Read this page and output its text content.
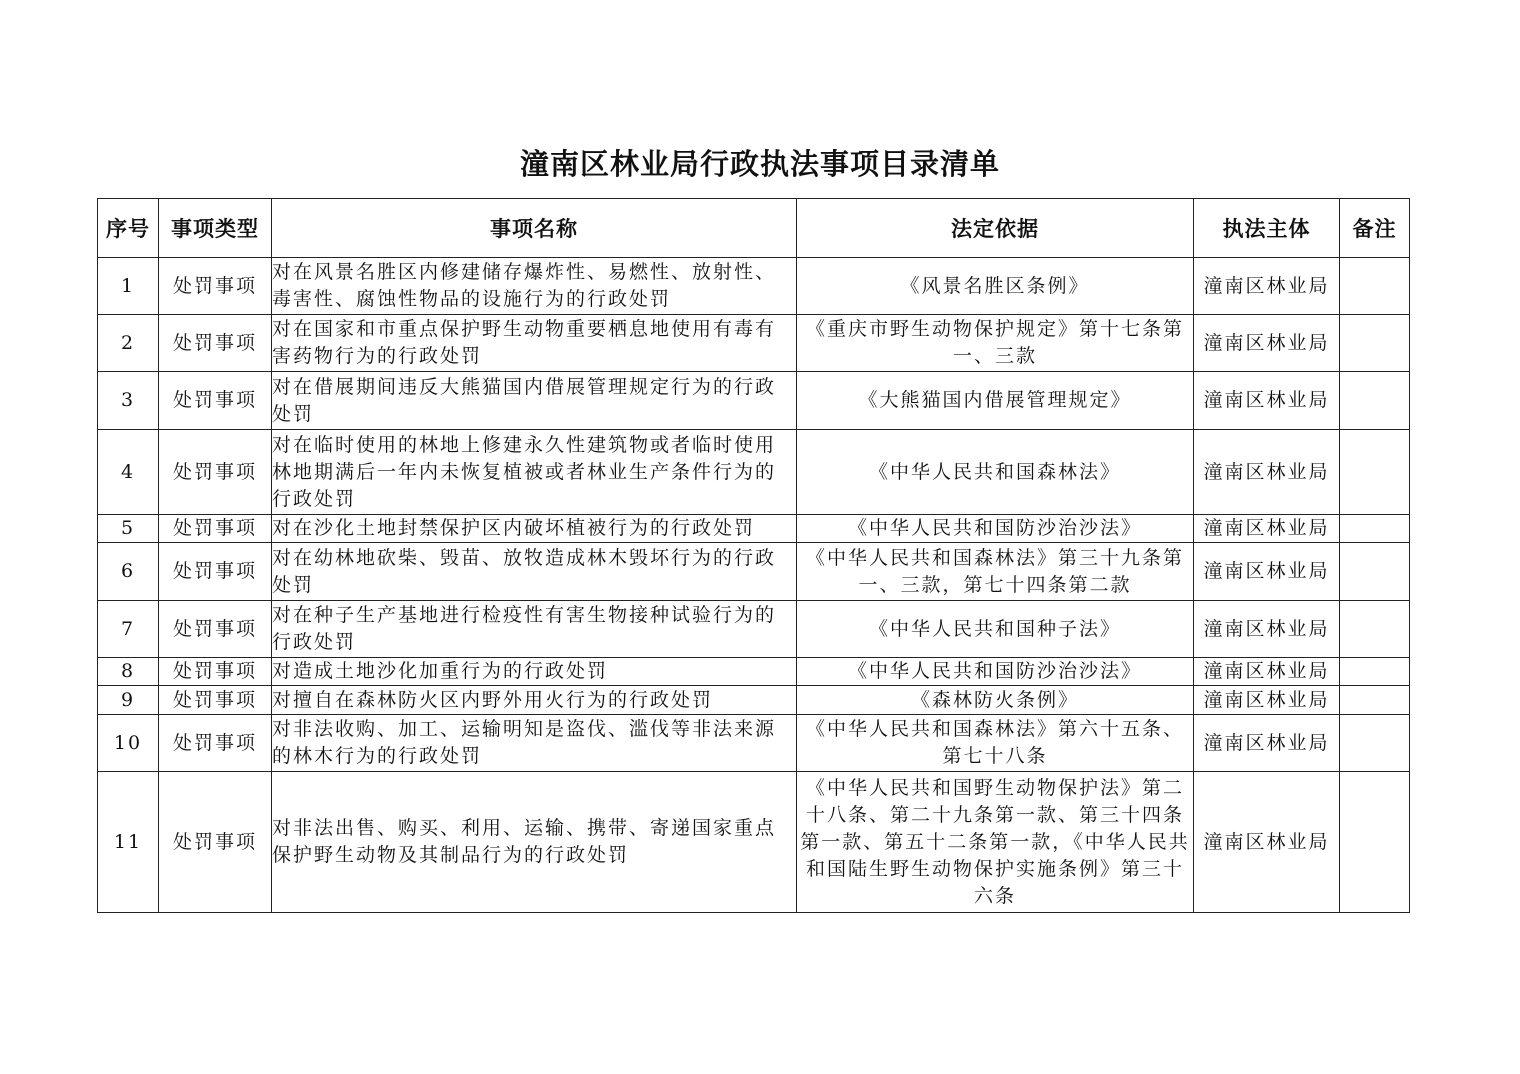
潼南区林业局行政执法事项目录清单
序号	事项类型	事项名称	法定依据	执法主体	备注
1	处罚事项	对在风景名胜区内修建储存爆炸性、易燃性、放射性、毒害性、腐蚀性物品的设施行为的行政处罚	《风景名胜区条例》	潼南区林业局	
2	处罚事项	对在国家和市重点保护野生动物重要栖息地使用有毒有害药物行为的行政处罚	《重庆市野生动物保护规定》第十七条第一、三款	潼南区林业局	
3	处罚事项	对在借展期间违反大熊猫国内借展管理规定行为的行政处罚	《大熊猫国内借展管理规定》	潼南区林业局	
4	处罚事项	对在临时使用的林地上修建永久性建筑物或者临时使用林地期满后一年内未恢复植被或者林业生产条件行为的行政处罚	《中华人民共和国森林法》	潼南区林业局	
5	处罚事项	对在沙化土地封禁保护区内破坏植被行为的行政处罚	《中华人民共和国防沙治沙法》	潼南区林业局	
6	处罚事项	对在幼林地砍柴、毁苗、放牧造成林木毁坏行为的行政处罚	《中华人民共和国森林法》第三十九条第一、三款，第七十四条第二款	潼南区林业局	
7	处罚事项	对在种子生产基地进行检疫性有害生物接种试验行为的行政处罚	《中华人民共和国种子法》	潼南区林业局	
8	处罚事项	对造成土地沙化加重行为的行政处罚	《中华人民共和国防沙治沙法》	潼南区林业局	
9	处罚事项	对擅自在森林防火区内野外用火行为的行政处罚	《森林防火条例》	潼南区林业局	
10	处罚事项	对非法收购、加工、运输明知是盗伐、滥伐等非法来源的林木行为的行政处罚	《中华人民共和国森林法》第六十五条、第七十八条	潼南区林业局	
11	处罚事项	对非法出售、购买、利用、运输、携带、寄递国家重点保护野生动物及其制品行为的行政处罚	《中华人民共和国野生动物保护法》第二十八条、第二十九条第一款、第三十四条第一款、第五十二条第一款，《中华人民共和国陆生野生动物保护实施条例》第三十六条	潼南区林业局	
